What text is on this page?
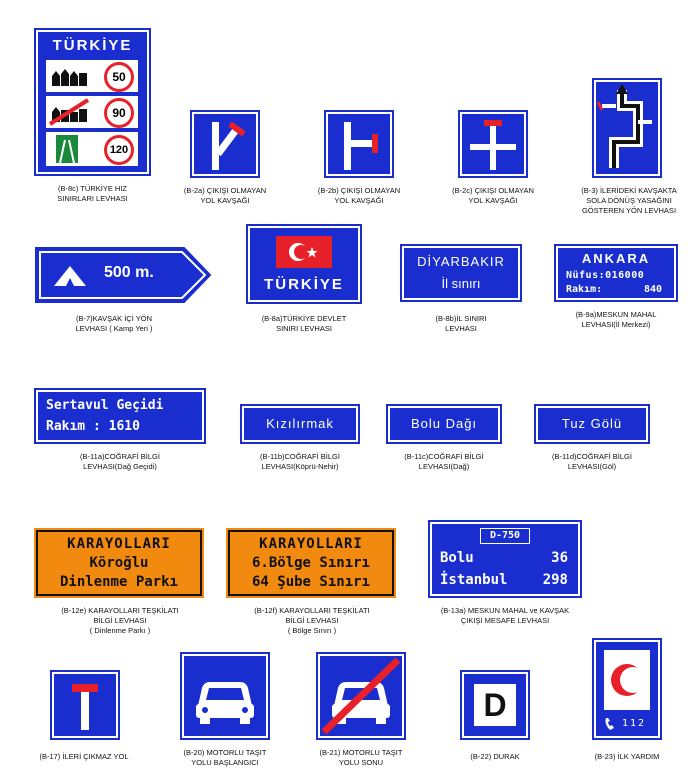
TÜRKİYE
50
90
120
(B-8c) TÜRKİYE HIZ
SINIRLARI LEVHASI
(B-2a) ÇIKIŞI OLMAYAN
YOL KAVŞAĞI
(B-2b) ÇIKIŞI OLMAYAN
YOL KAVŞAĞI
(B-2c) ÇIKIŞI OLMAYAN
YOL KAVŞAĞI
(B-3) İLERİDEKİ KAVŞAKTA
SOLA DÖNÜŞ YASAĞINI
GÖSTEREN YÖN LEVHASI
500 m.
(B-7)KAVŞAK İÇİ YÖN
LEVHASI ( Kamp Yeri )
TÜRKİYE
(B-8a)TÜRKİYE DEVLET
SINIRI LEVHASI
DİYARBAKIR
İl sınırı
(B-8b)İL SINIRI
LEVHASI
ANKARA
Nüfus:016000
Rakım:	840
(B-9a)MESKUN MAHAL
LEVHASI(İl Merkezi)
Sertavul Geçidi
Rakım : 1610
(B-11a)COĞRAFİ BİLGİ
LEVHASI(Dağ Geçidi)
Kızılırmak
(B-11b)COĞRAFİ BİLGİ
LEVHASI(Köprü-Nehir)
Bolu Dağı
(B-11c)COĞRAFİ BİLGİ
LEVHASI(Dağ)
Tuz Gölü
(B-11d)COĞRAFİ BİLGİ
LEVHASI(Göl)
KARAYOLLARI
Köroğlu
Dinlenme Parkı
(B-12e) KARAYOLLARI TEŞKİLATI
BİLGİ LEVHASI
( Dinlenme Parkı )
KARAYOLLARI
6.Bölge Sınırı
64 Şube Sınırı
(B-12f) KARAYOLLARI TEŞKİLATI
BİLGİ LEVHASI
( Bölge Sınırı )
D-750
Bolu	36
İstanbul	298
(B-13a) MESKUN MAHAL ve KAVŞAK
ÇIKIŞI MESAFE LEVHASI
(B-17) İLERİ ÇIKMAZ YOL	(B-20) MOTORLU TAŞIT
YOLU BAŞLANGICI
(B-21) MOTORLU TAŞIT
YOLU SONU
D
(B-22) DURAK
112
(B-23) İLK YARDIM
